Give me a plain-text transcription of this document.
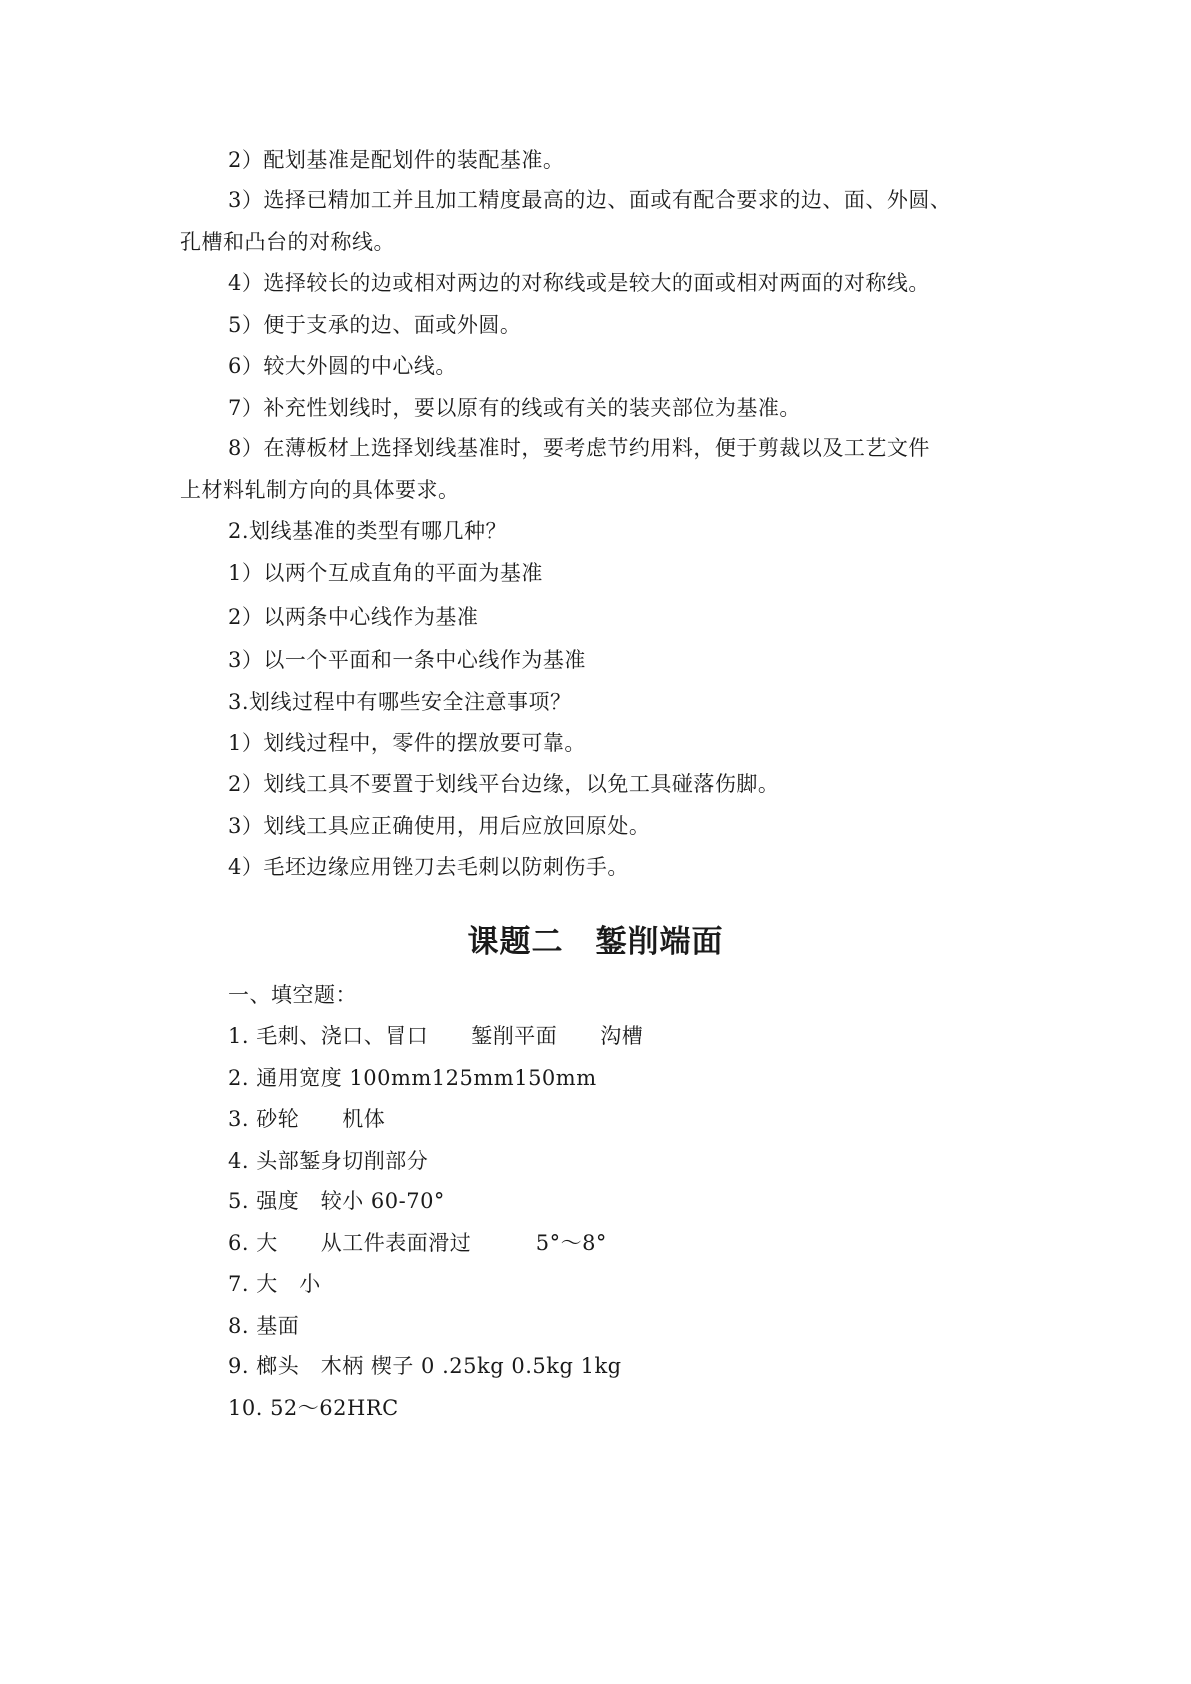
2）配划基准是配划件的装配基准。
3）选择已精加工并且加工精度最高的边、面或有配合要求的边、面、外圆、
孔槽和凸台的对称线。
4）选择较长的边或相对两边的对称线或是较大的面或相对两面的对称线。
5）便于支承的边、面或外圆。
6）较大外圆的中心线。
7）补充性划线时，要以原有的线或有关的装夹部位为基准。
8）在薄板材上选择划线基准时，要考虑节约用料，便于剪裁以及工艺文件
上材料轧制方向的具体要求。
2.划线基准的类型有哪几种？
1）以两个互成直角的平面为基准
2）以两条中心线作为基准
3）以一个平面和一条中心线作为基准
3.划线过程中有哪些安全注意事项？
1）划线过程中，零件的摆放要可靠。
2）划线工具不要置于划线平台边缘，以免工具碰落伤脚。
3）划线工具应正确使用，用后应放回原处。
4）毛坯边缘应用锉刀去毛刺以防刺伤手。
课题二　錾削端面
一、填空题：
1. 毛刺、浇口、冒口　　錾削平面　　沟槽
2. 通用宽度 100mm125mm150mm
3. 砂轮　　机体
4. 头部錾身切削部分
5. 强度　较小 60-70°
6. 大　　从工件表面滑过　　　5°～8°
7. 大　小
8. 基面
9. 榔头　木柄 楔子 0 .25kg 0.5kg 1kg
10. 52～62HRC
